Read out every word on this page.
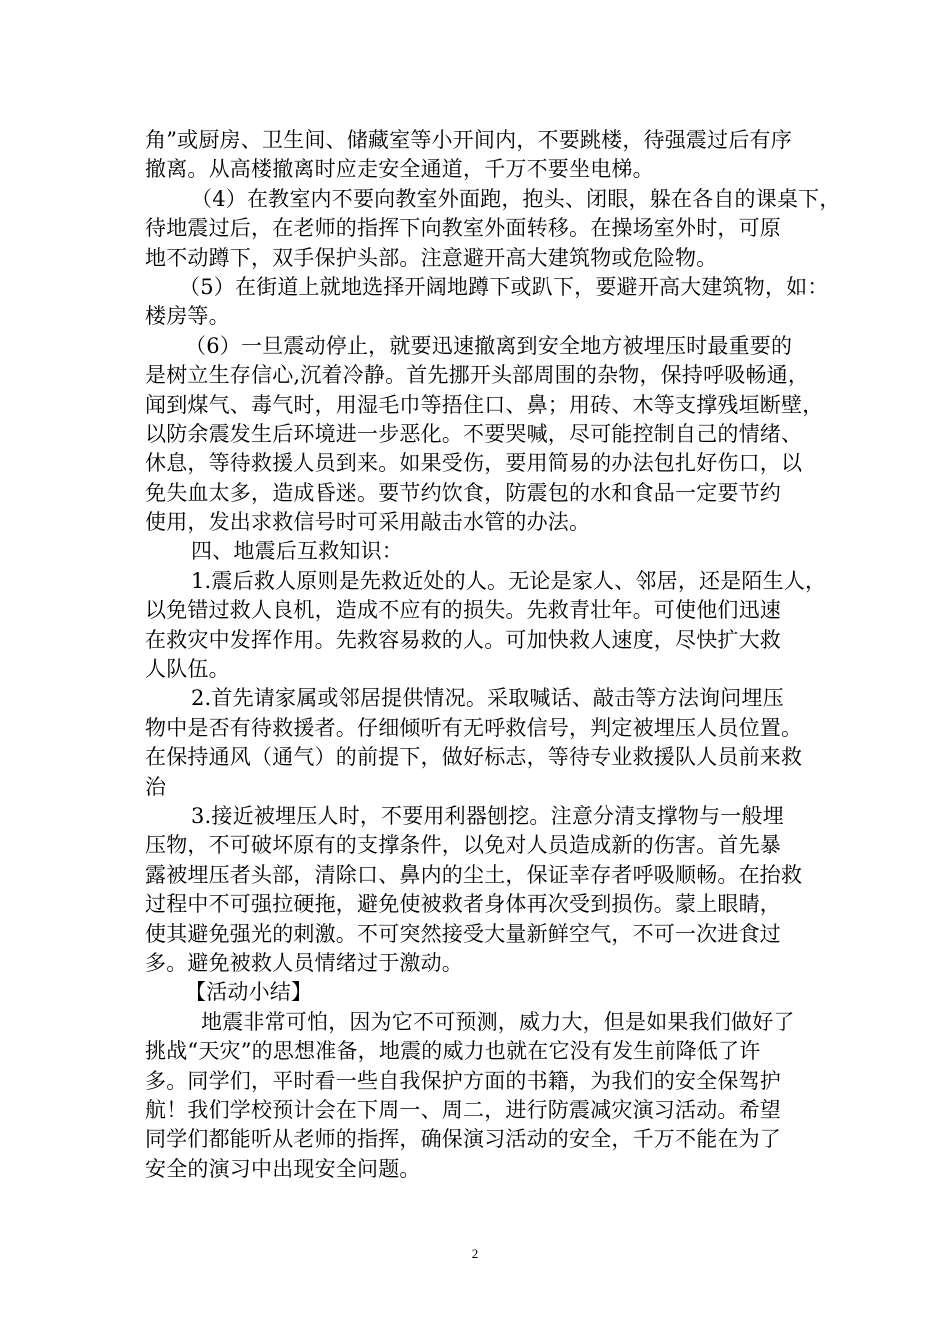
角”或厨房、卫生间、储藏室等小开间内，不要跳楼，待强震过后有序
撤离。从高楼撤离时应走安全通道，千万不要坐电梯。
（4）在教室内不要向教室外面跑，抱头、闭眼，躲在各自的课桌下，
待地震过后，在老师的指挥下向教室外面转移。在操场室外时，可原
地不动蹲下，双手保护头部。注意避开高大建筑物或危险物。
（5）在街道上就地选择开阔地蹲下或趴下，要避开高大建筑物，如：
楼房等。
（6）一旦震动停止，就要迅速撤离到安全地方被埋压时最重要的
是树立生存信心,沉着冷静。首先挪开头部周围的杂物，保持呼吸畅通，
闻到煤气、毒气时，用湿毛巾等捂住口、鼻；用砖、木等支撑残垣断壁，
以防余震发生后环境进一步恶化。不要哭喊，尽可能控制自己的情绪、
休息，等待救援人员到来。如果受伤，要用简易的办法包扎好伤口，以
免失血太多，造成昏迷。要节约饮食，防震包的水和食品一定要节约
使用，发出求救信号时可采用敲击水管的办法。
四、地震后互救知识：
1.震后救人原则是先救近处的人。无论是家人、邻居，还是陌生人，
以免错过救人良机，造成不应有的损失。先救青壮年。可使他们迅速
在救灾中发挥作用。先救容易救的人。可加快救人速度，尽快扩大救
人队伍。
2.首先请家属或邻居提供情况。采取喊话、敲击等方法询问埋压
物中是否有待救援者。仔细倾听有无呼救信号，判定被埋压人员位置。
在保持通风（通气）的前提下，做好标志，等待专业救援队人员前来救
治
3.接近被埋压人时，不要用利器刨挖。注意分清支撑物与一般埋
压物，不可破坏原有的支撑条件，以免对人员造成新的伤害。首先暴
露被埋压者头部，清除口、鼻内的尘土，保证幸存者呼吸顺畅。在抬救
过程中不可强拉硬拖，避免使被救者身体再次受到损伤。蒙上眼睛，
使其避免强光的刺激。不可突然接受大量新鲜空气，不可一次进食过
多。避免被救人员情绪过于激动。
【活动小结】
地震非常可怕，因为它不可预测，威力大，但是如果我们做好了
挑战“天灾”的思想准备，地震的威力也就在它没有发生前降低了许
多。同学们，平时看一些自我保护方面的书籍，为我们的安全保驾护
航！我们学校预计会在下周一、周二，进行防震减灾演习活动。希望
同学们都能听从老师的指挥，确保演习活动的安全，千万不能在为了
安全的演习中出现安全问题。
2
